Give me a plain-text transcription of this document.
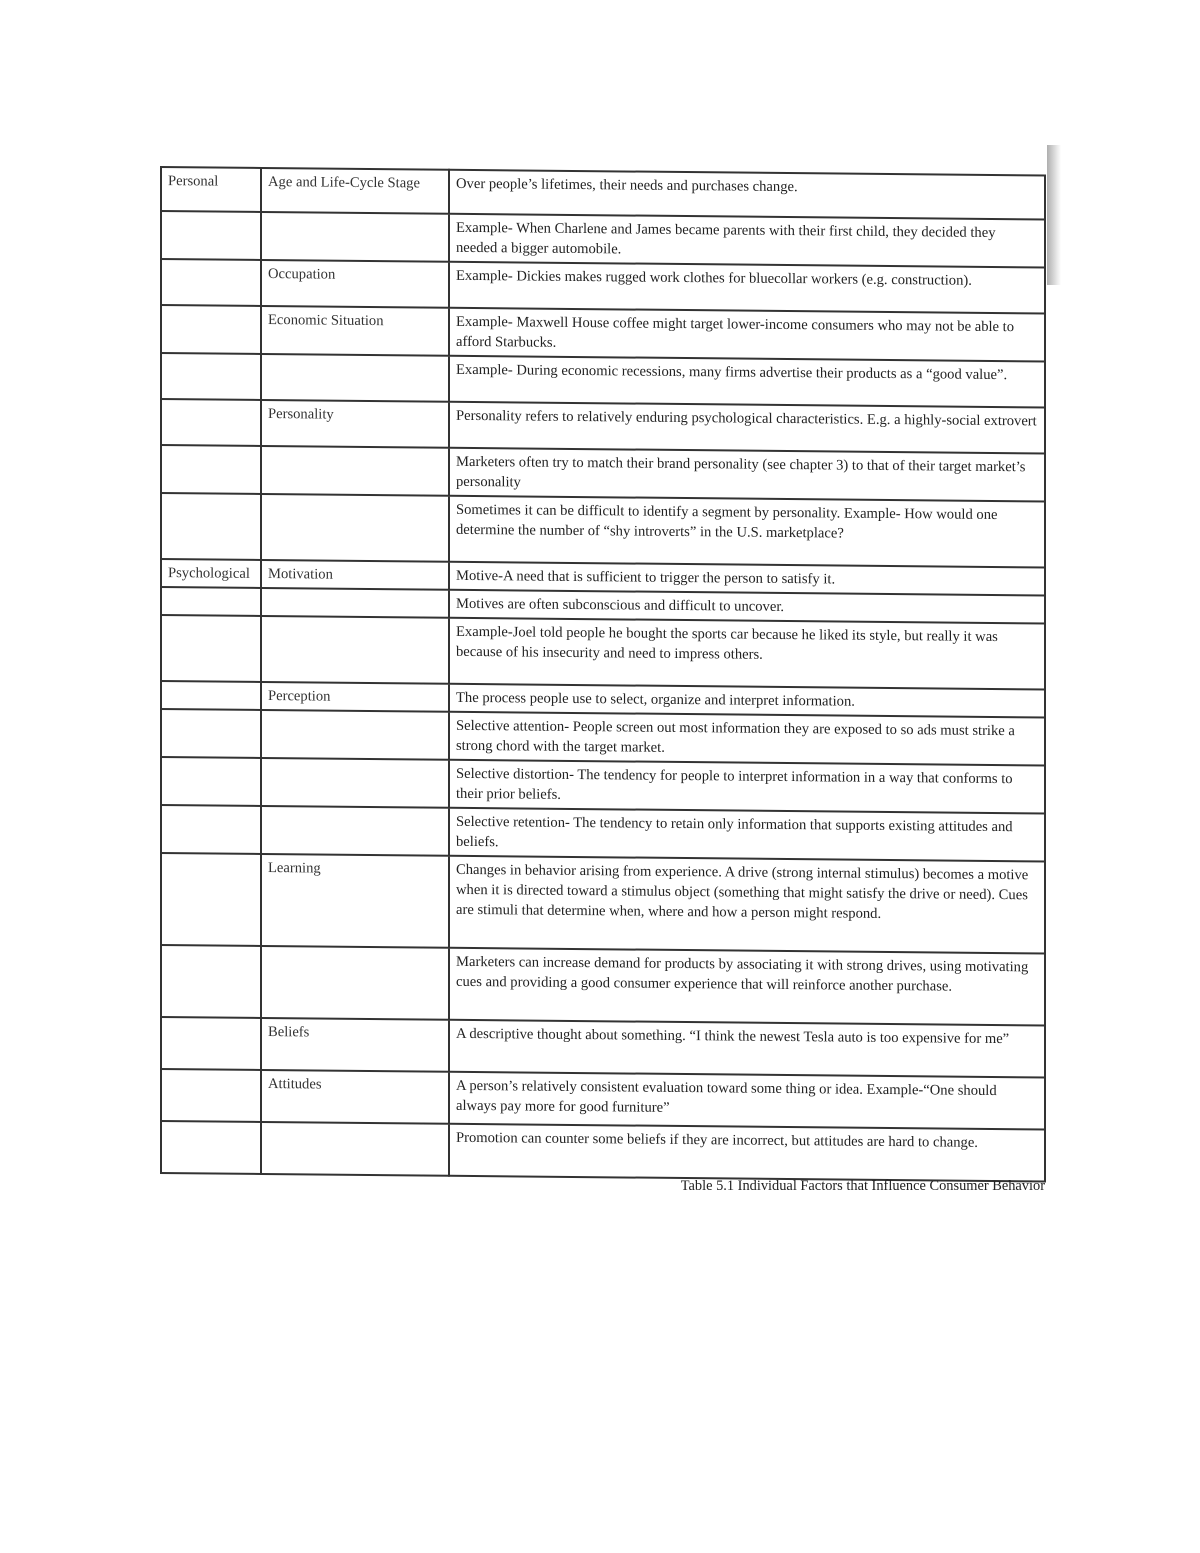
Personal	Age and Life-Cycle Stage	Over people’s lifetimes, their needs and purchases change.
		Example- When Charlene and James became parents with their first child, they decided they needed a bigger automobile.
	Occupation	Example- Dickies makes rugged work clothes for bluecollar workers (e.g. construction).
	Economic Situation	Example- Maxwell House coffee might target lower-income consumers who may not be able to afford Starbucks.
		Example- During economic recessions, many firms advertise their products as a “good value”.
	Personality	Personality refers to relatively enduring psychological characteristics. E.g. a highly-social extrovert
		Marketers often try to match their brand personality (see chapter 3) to that of their target market’s personality
		Sometimes it can be difficult to identify a segment by personality. Example- How would one determine the number of “shy introverts” in the U.S. marketplace?
Psychological	Motivation	Motive-A need that is sufficient to trigger the person to satisfy it.
		Motives are often subconscious and difficult to uncover.
		Example-Joel told people he bought the sports car because he liked its style, but really it was because of his insecurity and need to impress others.
	Perception	The process people use to select, organize and interpret information.
		Selective attention- People screen out most information they are exposed to so ads must strike a strong chord with the target market.
		Selective distortion- The tendency for people to interpret information in a way that conforms to their prior beliefs.
		Selective retention- The tendency to retain only information that supports existing attitudes and beliefs.
	Learning	Changes in behavior arising from experience. A drive (strong internal stimulus) becomes a motive when it is directed toward a stimulus object (something that might satisfy the drive or need). Cues are stimuli that determine when, where and how a person might respond.
		Marketers can increase demand for products by associating it with strong drives, using motivating cues and providing a good consumer experience that will reinforce another purchase.
	Beliefs	A descriptive thought about something. “I think the newest Tesla auto is too expensive for me”
	Attitudes	A person’s relatively consistent evaluation toward some thing or idea. Example-“One should always pay more for good furniture”
		Promotion can counter some beliefs if they are incorrect, but attitudes are hard to change.
Table 5.1 Individual Factors that Influence Consumer Behavior
